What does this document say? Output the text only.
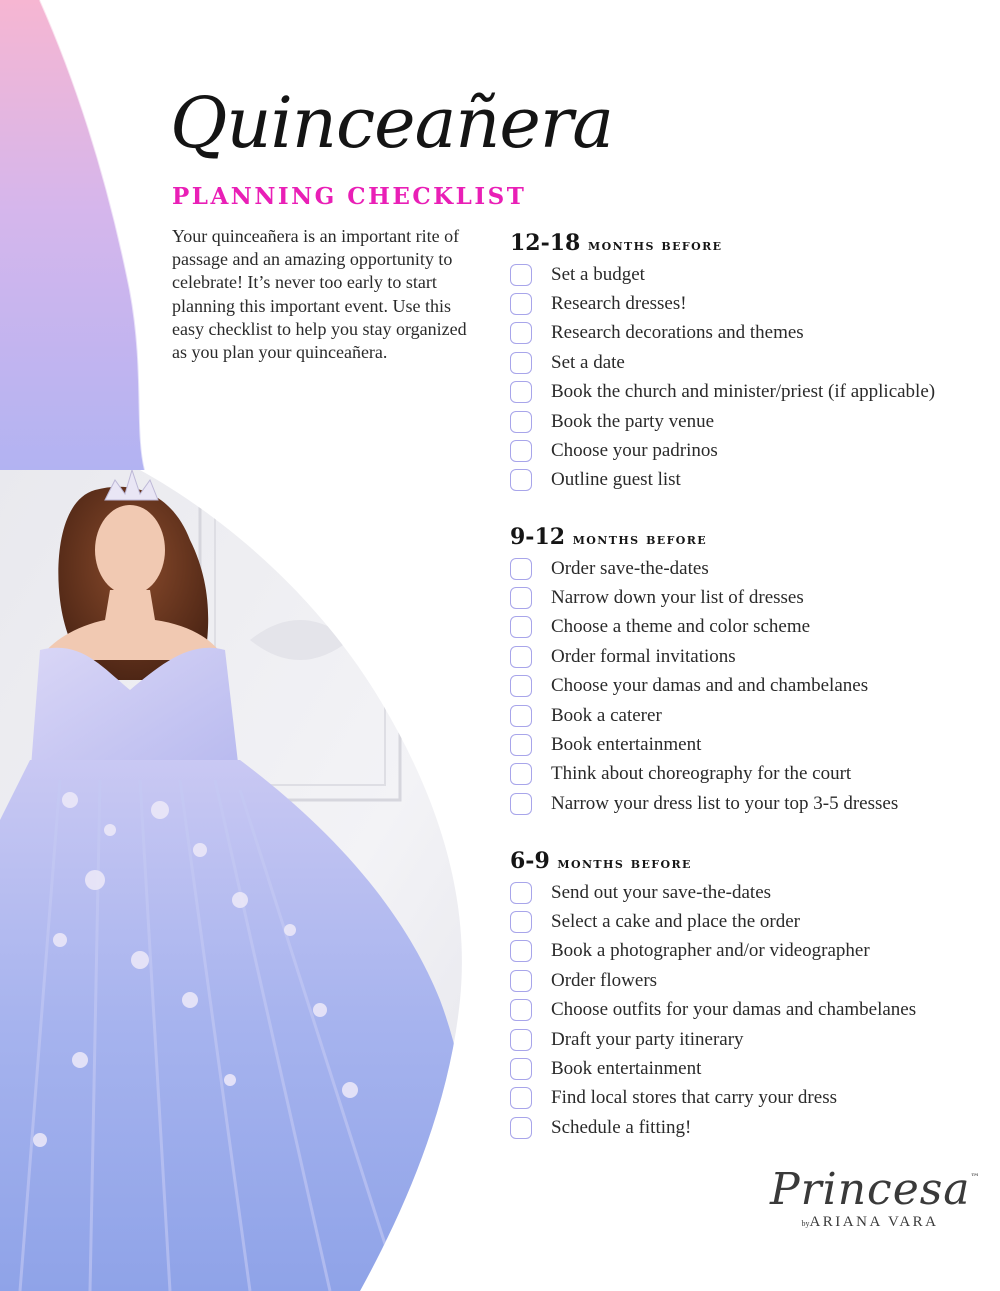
Quinceañera
PLANNING CHECKLIST

Your quinceañera is an important rite of passage and an amazing opportunity to celebrate! It’s never too early to start planning this important event. Use this easy checklist to help you stay organized as you plan your quinceañera.

12-18 months before
Set a budget
Research dresses!
Research decorations and themes
Set a date
Book the church and minister/priest (if applicable)
Book the party venue
Choose your padrinos
Outline guest list
9-12 months before
Order save-the-dates
Narrow down your list of dresses
Choose a theme and color scheme
Order formal invitations
Choose your damas and and chambelanes
Book a caterer
Book entertainment
Think about choreography for the court
Narrow your dress list to your top 3-5 dresses
6-9 months before
Send out your save-the-dates
Select a cake and place the order
Book a photographer and/or videographer
Order flowers
Choose outfits for your damas and chambelanes
Draft your party itinerary
Book entertainment
Find local stores that carry your dress
Schedule a fitting!
Princesa™
byARIANA VARA
